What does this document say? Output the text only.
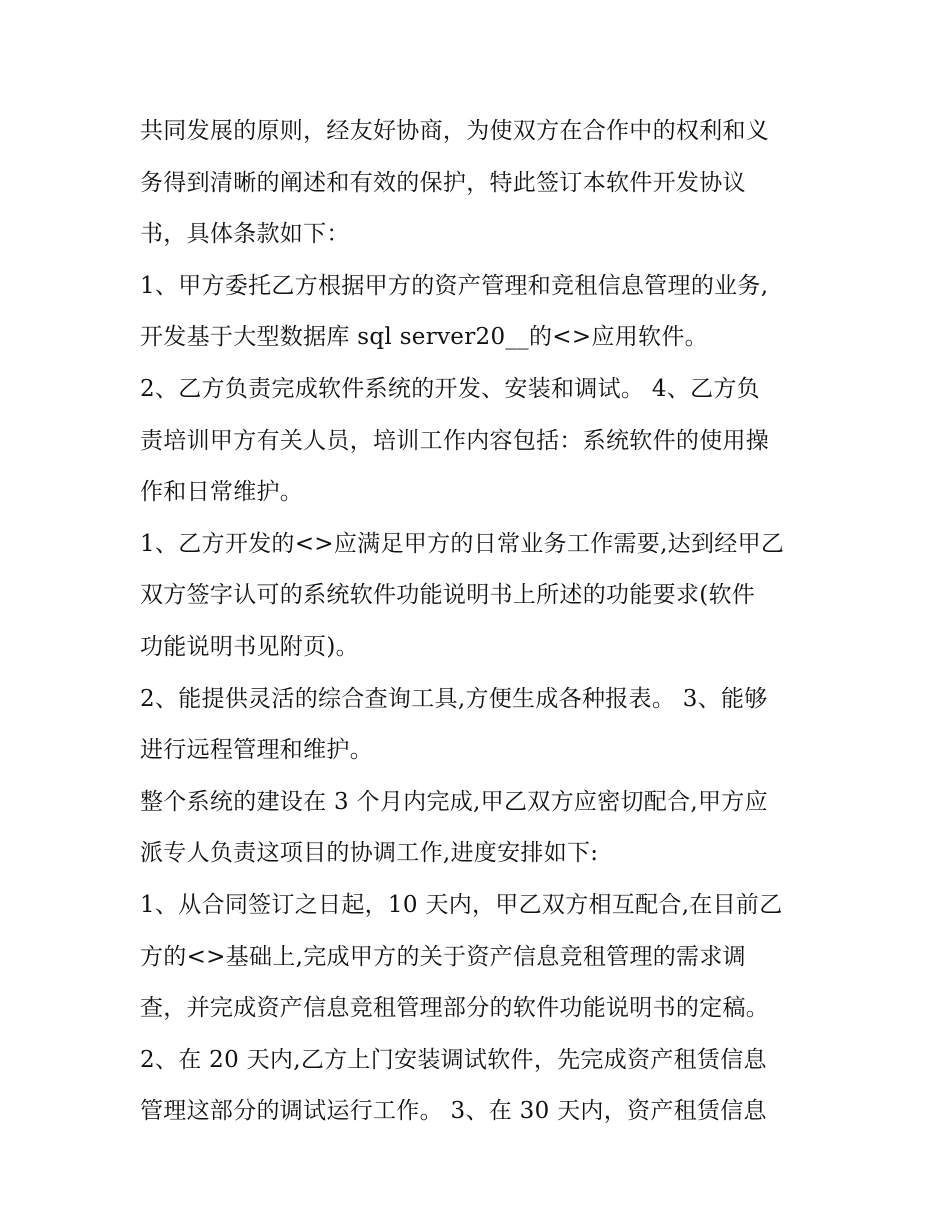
共同发展的原则，经友好协商，为使双方在合作中的权利和义
务得到清晰的阐述和有效的保护，特此签订本软件开发协议
书，具体条款如下：
1、甲方委托乙方根据甲方的资产管理和竞租信息管理的业务,
开发基于大型数据库 sql server20__的<>应用软件。
2、乙方负责完成软件系统的开发、安装和调试。 4、乙方负
责培训甲方有关人员，培训工作内容包括：系统软件的使用操
作和日常维护。
1、乙方开发的<>应满足甲方的日常业务工作需要,达到经甲乙
双方签字认可的系统软件功能说明书上所述的功能要求(软件
功能说明书见附页)。
2、能提供灵活的综合查询工具,方便生成各种报表。 3、能够
进行远程管理和维护。
整个系统的建设在 3 个月内完成,甲乙双方应密切配合,甲方应
派专人负责这项目的协调工作,进度安排如下:
1、从合同签订之日起，10 天内，甲乙双方相互配合,在目前乙
方的<>基础上,完成甲方的关于资产信息竞租管理的需求调
查，并完成资产信息竞租管理部分的软件功能说明书的定稿。
2、在 20 天内,乙方上门安装调试软件，先完成资产租赁信息
管理这部分的调试运行工作。 3、在 30 天内，资产租赁信息
